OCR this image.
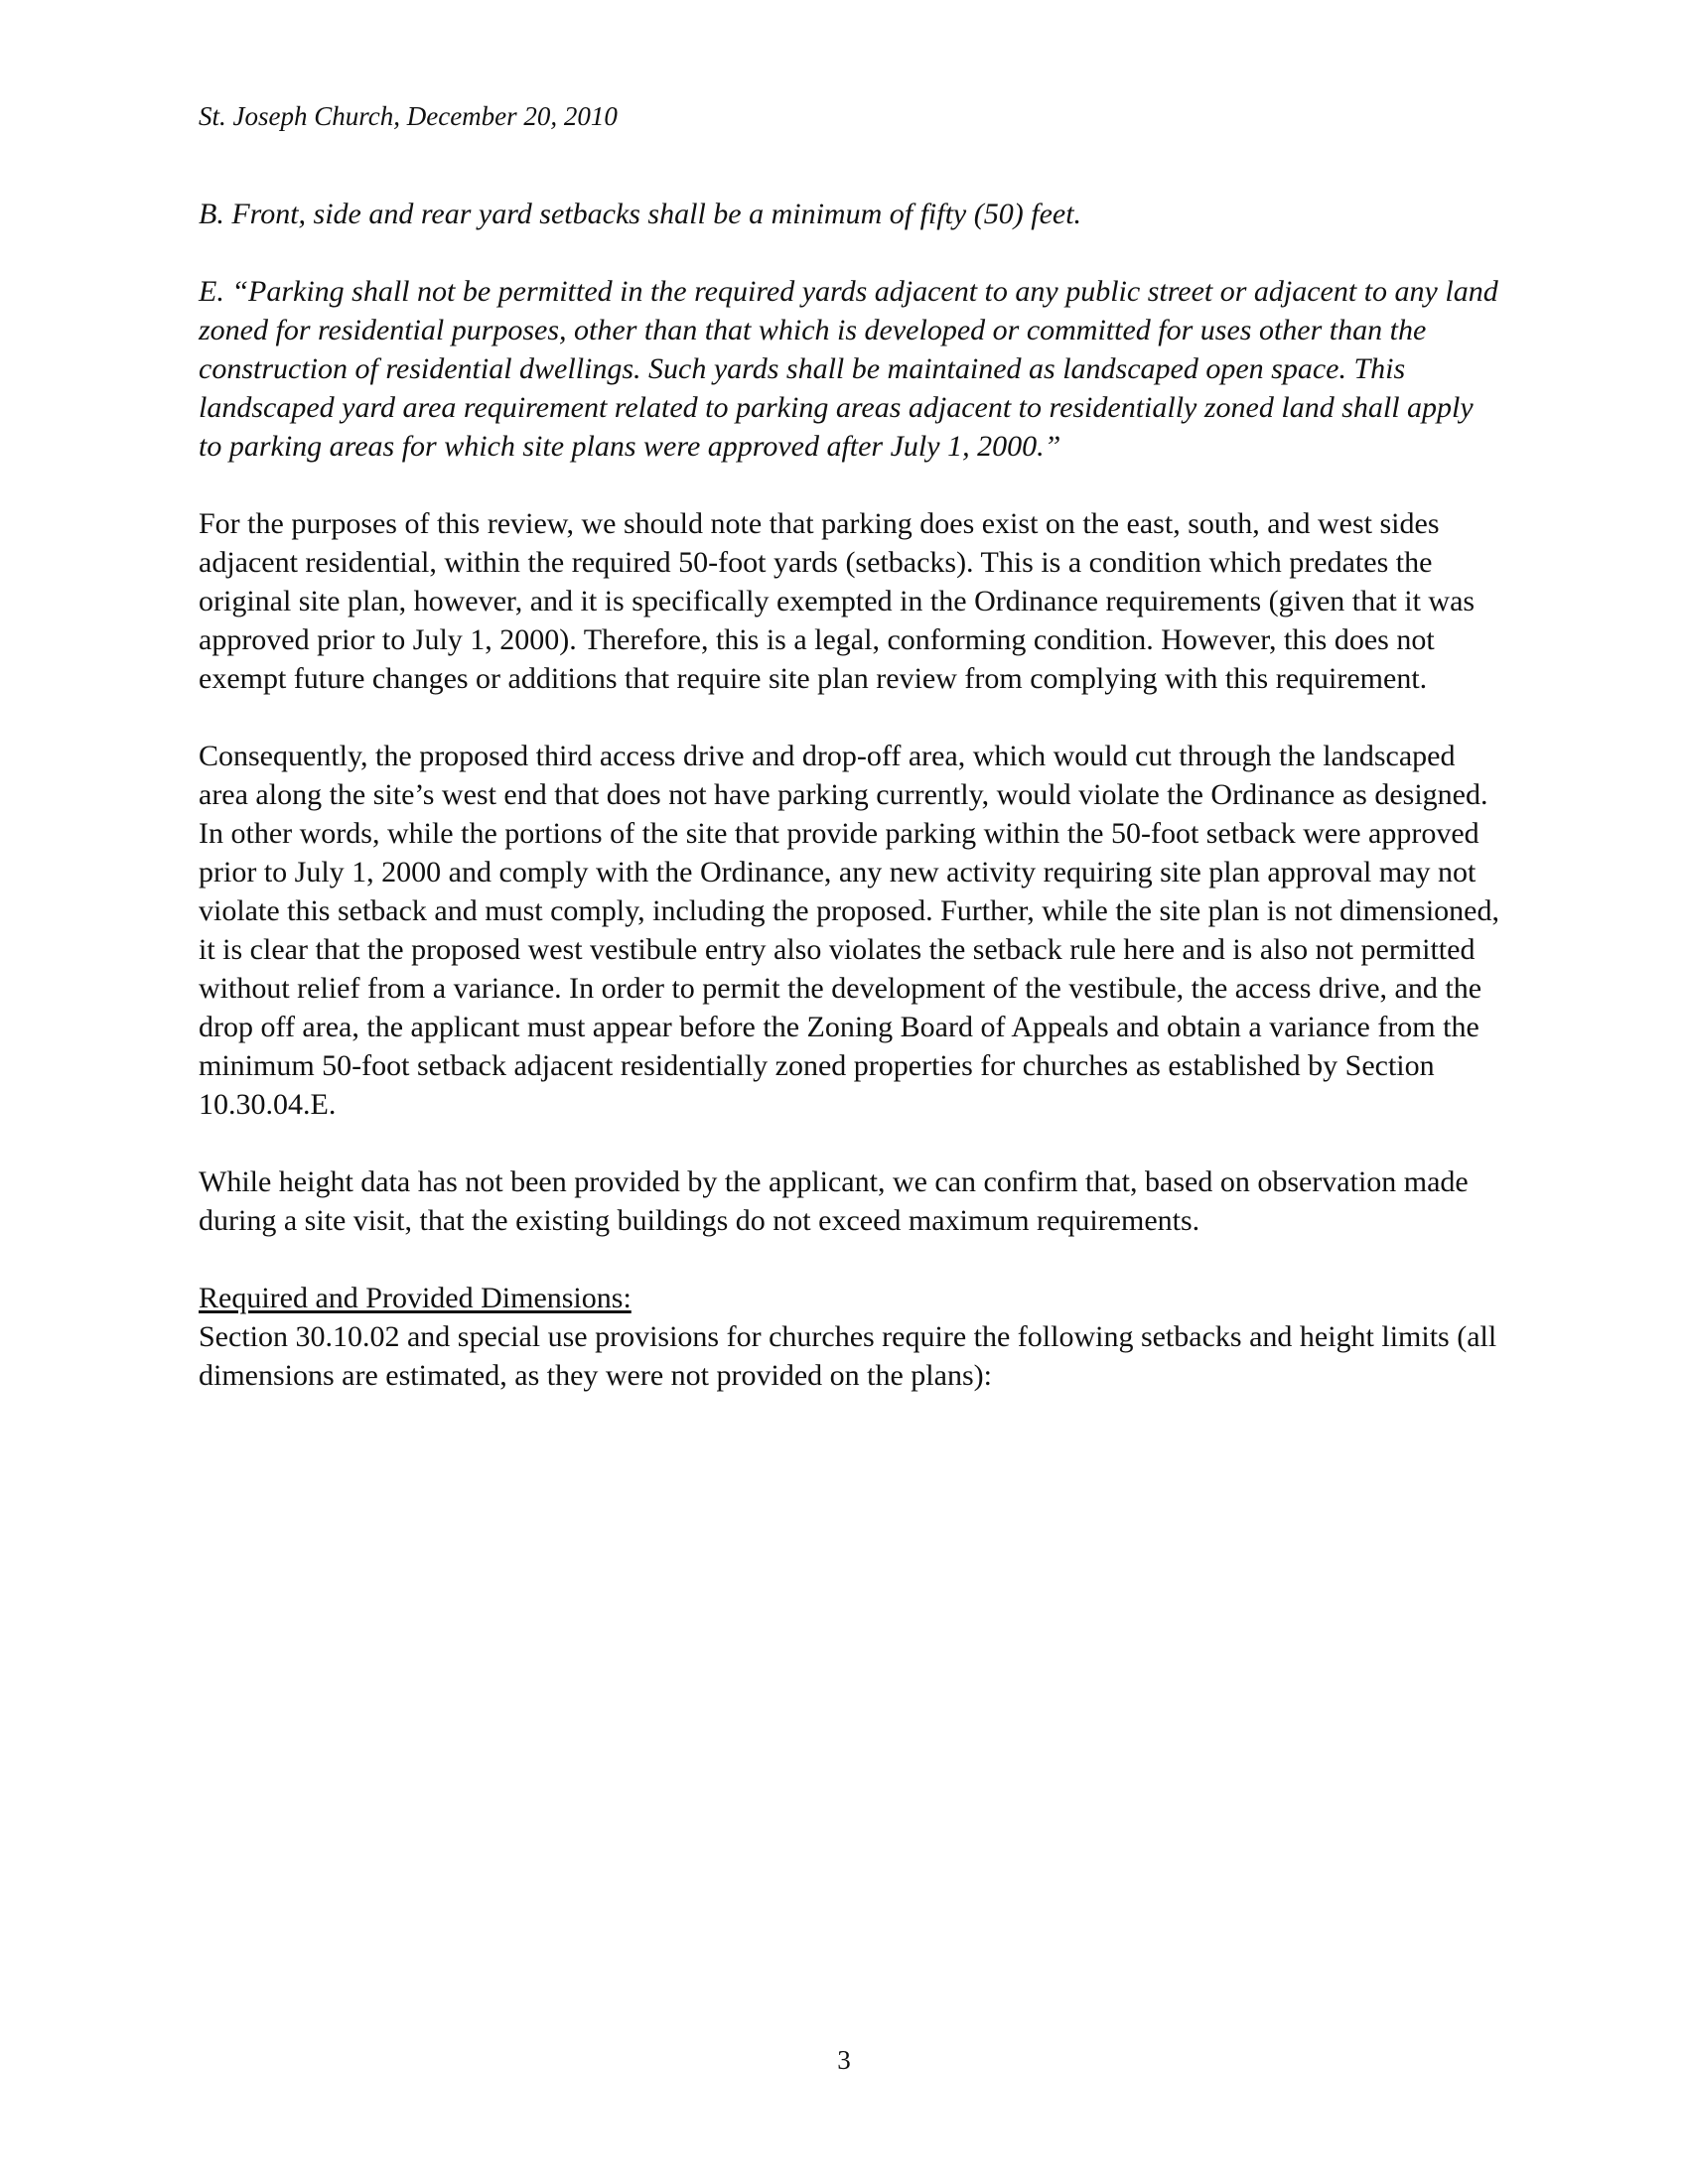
St. Joseph Church, December 20, 2010

B. Front, side and rear yard setbacks shall be a minimum of fifty (50) feet.

E. “Parking shall not be permitted in the required yards adjacent to any public street or adjacent to any land zoned for residential purposes, other than that which is developed or committed for uses other than the construction of residential dwellings. Such yards shall be maintained as landscaped open space. This landscaped yard area requirement related to parking areas adjacent to residentially zoned land shall apply to parking areas for which site plans were approved after July 1, 2000.”

For the purposes of this review, we should note that parking does exist on the east, south, and west sides adjacent residential, within the required 50-foot yards (setbacks). This is a condition which predates the original site plan, however, and it is specifically exempted in the Ordinance requirements (given that it was approved prior to July 1, 2000). Therefore, this is a legal, conforming condition. However, this does not exempt future changes or additions that require site plan review from complying with this requirement.

Consequently, the proposed third access drive and drop-off area, which would cut through the landscaped area along the site’s west end that does not have parking currently, would violate the Ordinance as designed. In other words, while the portions of the site that provide parking within the 50-foot setback were approved prior to July 1, 2000 and comply with the Ordinance, any new activity requiring site plan approval may not violate this setback and must comply, including the proposed. Further, while the site plan is not dimensioned, it is clear that the proposed west vestibule entry also violates the setback rule here and is also not permitted without relief from a variance. In order to permit the development of the vestibule, the access drive, and the drop off area, the applicant must appear before the Zoning Board of Appeals and obtain a variance from the minimum 50-foot setback adjacent residentially zoned properties for churches as established by Section 10.30.04.E.

While height data has not been provided by the applicant, we can confirm that, based on observation made during a site visit, that the existing buildings do not exceed maximum requirements.

Required and Provided Dimensions:

Section 30.10.02 and special use provisions for churches require the following setbacks and height limits (all dimensions are estimated, as they were not provided on the plans):

3
